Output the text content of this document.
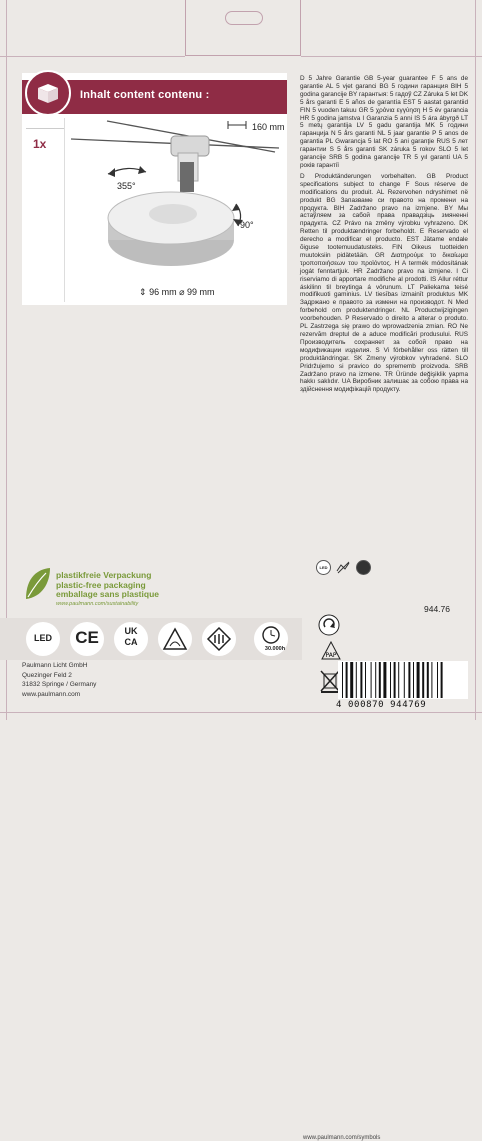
Inhalt content contenu :
1x
160 mm
355°
90°
⇕ 96 mm ⌀ 99 mm

D 5 Jahre Garantie GB 5-year guarantee F 5 ans de garantie AL 5 vjet garanci BG 5 години гаранция BIH 5 godina garancije BY гарантыя: 5 гадоў CZ Záruka 5 let DK 5 års garanti E 5 años de garantía EST 5 aastat garantiid FIN 5 vuoden takuu GR 5 χρόνια εγγύηση H 5 év garancia HR 5 godina jamstva I Garanzia 5 anni IS 5 ára ábyrgð LT 5 metų garantija LV 5 gadu garantija MK 5 години гаранција N 5 års garanti NL 5 jaar garantie P 5 anos de garantia PL Gwarancja 5 lat RO 5 ani garanţie RUS 5 лет гарантии S 5 års garanti SK záruka 5 rokov SLO 5 let garancije SRB 5 godina garancije TR 5 yıl garanti UA 5 років гарантії

D Produktänderungen vorbehalten. GB Product specifications subject to change F Sous réserve de modifications du produit. AL Rezervohen ndryshimet në produkt BG Запазваме си правото на промени на продукта. BIH Zadržano pravo na izmjene. BY Мы астаўляем за сабой права правадзіць змяненні прадукта. CZ Právo na změny výrobku vyhrazeno. DK Retten til produktændringer forbeholdt. E Reservado el derecho a modificar el producto. EST Jätame endale õiguse tootemuudatusteks. FIN Oikeus tuotteiden muutoksiin pidätetään. GR Διατηρούμε το δικαίωμα τροποποιήσεων του προϊόντος. H A termék módosítának jogát fenntartjuk. HR Zadržano pravo na izmjene. I Ci riserviamo di apportare modifiche al prodotti. IS Allur réttur áskilinn til breytinga á vörunum. LT Paliekama teisė modifikuoti gaminius. LV tiesības izmainīt produktus MK Задржано е правото за измени на производот. N Med forbehold om produktendringer. NL Productwijzigingen voorbehouden. P Reservado o direito a alterar o produto. PL Zastrzega się prawo do wprowadzenia zmian. RO Ne rezervăm dreptul de a aduce modificări produsului. RUS Производитель сохраняет за собой право на модификации изделия. S Vi förbehåller oss rätten till produktändringar. SK Zmeny výrobkov vyhradené. SLO Pridržujemo si pravico do sprememb proizvoda. SRB Zadržano pravo na izmene. TR Üründe değişiklik yapma hakkı saklıdır. UA Виробник залишає за собою права на здійснення модифікацій продукту.

LED
www.paulmann.com/symbols
plastikfreie Verpackung
plastic-free packaging
emballage sans plastique
www.paulmann.com/sustainability	944.76
LED	CE	UK
CA
30.000h
Paulmann Licht GmbH
Quezinger Feld 2
31832 Springe / Germany
www.paulmann.com
PAP
4 000870 944769
